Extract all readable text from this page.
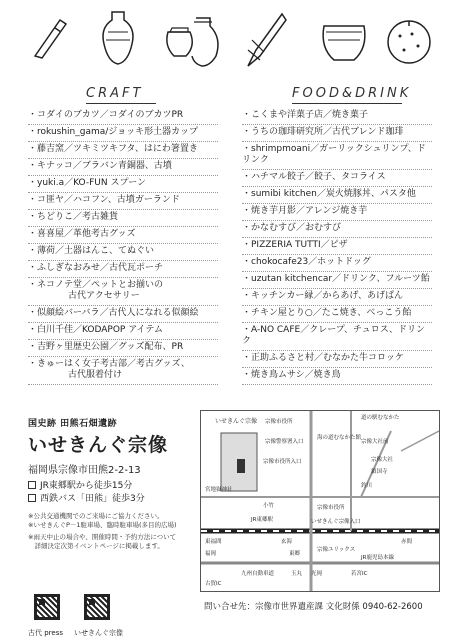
CRAFT	FOOD&DRINK
・コダイのブカツ／コダイのブカツPR
・rokushin_gama/ジョッキ形土器カップ
・藤吉窯／ツキミツキフタ、はにわ箸置き
・キナッコ／ブラバン青銅器、古墳
・yuki.a／KO-FUN スプーン
・コ匪ヤ／ハコフン、古墳ガーランド
・ちどりこ／考古雑貨
・喜喜屋／革他考古グッズ
・薄荷／土器はんこ、てぬぐい
・ふしぎなおみせ／古代瓦ポーチ
・ネコノテ堂／ペットとお揃いの
古代アクセサリー
・似顔絵バーバラ／古代人になれる似顔絵
・白川千佳／KODAPOP アイテム
・吉野ヶ里歴史公園／グッズ配布、PR
・きゅーはく女子考古部／考古グッズ、
古代服着付け
・こくまや洋菓子店／焼き菓子
・うちの珈琲研究所／古代ブレンド珈琲
・shrimpmoani／ガーリックシュリンプ、ドリンク
・ハチマル餃子／餃子、タコライス
・sumibi kitchen／炭火焼豚丼、パスタ他
・焼き芋月影／アレンジ焼き芋
・かなむすび／おむすび
・PIZZERIA TUTTI／ピザ
・chokocafe23／ホットドッグ
・uzutan kitchencar／ドリンク、フルーツ飴
・キッチンカー縁／からあげ、あげぱん
・チキン屋とり○／たこ焼き、べっこう飴
・A-NO CAFE／クレープ、チュロス、ドリンク
・正助ふるさと村／むなかた牛コロッケ
・焼き鳥ムサシ／焼き鳥
国史跡 田熊石畑遺跡
いせきんぐ宗像
福岡県宗像市田熊2-2-13
JR東郷駅から徒歩15分
西鉄バス「田熊」徒歩3分
※公共交通機関でのご来場にご協力ください。
※いせきんぐP－1駐車場、臨時駐車場(多目的広場)
※雨天中止の場合や、開催時間・予約方法について
　詳細決定次第イベントページに掲載します。
古代 press いせきんぐ宗像
いせきんぐ宗像 宗像市役所
宗像警察署入口
海の道むなかた館
宗像大社前
道の駅むなかた
宗像大社
鎮国寺
釣川
宗像市役所
宗像市役所入口
JR東郷駅
小竹
東福間	赤間
玄海
宗像ユリックス
九州自動車道	若宮IC
古賀IC
玉丸 光岡
宮地嶽神社
福岡
いせきんぐ宗像入口
JR鹿児島本線
東郷
問い合せ先：宗像市世界遺産課 文化財係 0940-62-2600
